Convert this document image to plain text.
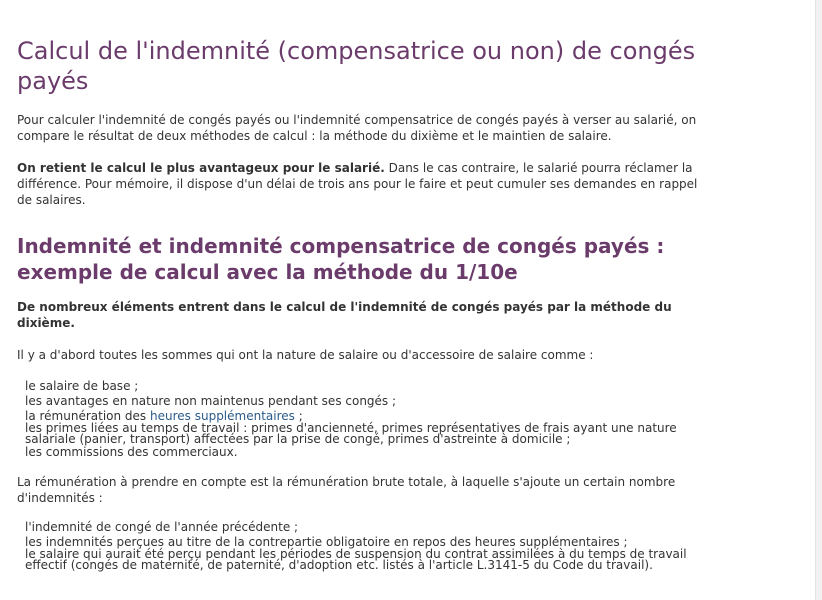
Calcul de l'indemnité (compensatrice ou non) de congés payés

Pour calculer l'indemnité de congés payés ou l'indemnité compensatrice de congés payés à verser au salarié, on compare le résultat de deux méthodes de calcul : la méthode du dixième et le maintien de salaire.

On retient le calcul le plus avantageux pour le salarié. Dans le cas contraire, le salarié pourra réclamer la différence. Pour mémoire, il dispose d'un délai de trois ans pour le faire et peut cumuler ses demandes en rappel de salaires.

Indemnité et indemnité compensatrice de congés payés : exemple de calcul avec la méthode du 1/10e

De nombreux éléments entrent dans le calcul de l'indemnité de congés payés par la méthode du dixième.

Il y a d'abord toutes les sommes qui ont la nature de salaire ou d'accessoire de salaire comme :

le salaire de base ;
les avantages en nature non maintenus pendant ses congés ;
la rémunération des heures supplémentaires ;
les primes liées au temps de travail : primes d'ancienneté, primes représentatives de frais ayant une nature salariale (panier, transport) affectées par la prise de congé, primes d'astreinte à domicile ;
les commissions des commerciaux.

La rémunération à prendre en compte est la rémunération brute totale, à laquelle s'ajoute un certain nombre d'indemnités :

l'indemnité de congé de l'année précédente ;
les indemnités perçues au titre de la contrepartie obligatoire en repos des heures supplémentaires ;
le salaire qui aurait été perçu pendant les périodes de suspension du contrat assimilées à du temps de travail effectif (congés de maternité, de paternité, d'adoption etc. listés à l'article L.3141-5 du Code du travail).
